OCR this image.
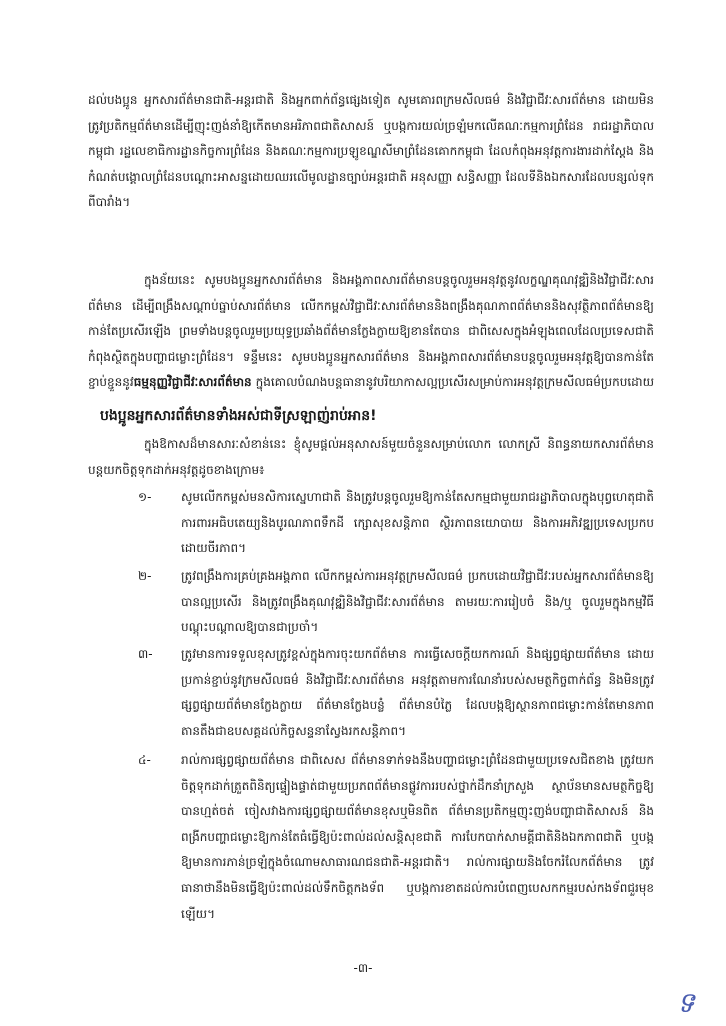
ដល់បងប្អូន អ្នកសារព័ត៌មានជាតិ-អន្តរជាតិ និងអ្នកពាក់ព័ន្ធផ្សេងទៀត សូមគោរពក្រមសីលធម៌ និងវិជ្ជាជីវៈសារព័ត៌មាន ដោយមិនត្រូវប្រតិកម្មព័ត៌មានដើម្បីញុះញង់នាំឱ្យកើតមានអរិភាពជាតិសាសន៍ ឬបង្កការយល់ច្រឡំមកលើគណៈកម្មការព្រំដែន រាជរដ្ឋាភិបាលកម្ពុជា រដ្ឋលេខាធិការដ្ឋានកិច្ចការព្រំដែន និងគណៈកម្មការប្រឡូខណ្ឌសីមាព្រំដែនគោកកម្ពុជា ដែលកំពុងអនុវត្តការងារដាក់ស្តែង និងកំណត់បង្គោលព្រំដែនបណ្តោះអាសន្នដោយឈរលើមូលដ្ឋានច្បាប់អន្តរជាតិ អនុសញ្ញា សន្ធិសញ្ញា ដែលទីនិងឯកសារដែលបន្សល់ទុកពីបារាំង។
ក្នុងន័យនេះ សូមបងប្អូនអ្នកសារព័ត៌មាន និងអង្គភាពសារព័ត៌មានបន្តចូលរួមអនុវត្តនូវលក្ខណ្ឌគុណវុឌ្ឍិនិងវិជ្ជាជីវៈសារព័ត៌មាន ដើម្បីពង្រឹងសណ្តាប់ធ្នាប់សារព័ត៌មាន លើកកម្ពស់វិជ្ជាជីវៈសារព័ត៌មាននិងពង្រឹងគុណភាពព័ត៌មាននិងសុវត្ថិភាពព័ត៌មានឱ្យកាន់តែប្រសើរឡើង ព្រមទាំងបន្តចូលរួមប្រយុទ្ធប្រឆាំងព័ត៌មានក្លែងក្លាយឱ្យខានតែបាន ជាពិសេសក្នុងអំឡុងពេលដែលប្រទេសជាតិកំពុងស្ថិតក្នុងបញ្ហាជម្លោះព្រំដែន។ ទន្ទឹមនេះ សូមបងប្អូនអ្នកសារព័ត៌មាន និងអង្គភាពសារព័ត៌មានបន្តចូលរួមអនុវត្តឱ្យបានកាន់តែខ្ជាប់ខ្ជួននូវធម្មនុញ្ញវិជ្ជាជីវៈសារព័ត៌មាន ក្នុងគោលបំណងបន្តធានានូវបរិយាកាសល្អប្រសើរសម្រាប់ការអនុវត្តក្រមសីលធម៌ប្រកបដោយ
បងប្អូនអ្នកសារព័ត៌មានទាំងអស់ជាទីស្រឡាញ់រាប់អាន!
ក្នុងឱកាសដ៏មានសារៈសំខាន់នេះ ខ្ញុំសូមផ្តល់អនុសាសន៍មួយចំនួនសម្រាប់លោក លោកស្រី និពន្ធនាយកសារព័ត៌មាន បន្តយកចិត្តទុកដាក់អនុវត្តដូចខាងក្រោម៖
១- សូមលើកកម្ពស់មនសិការស្នេហាជាតិ និងត្រូវបន្តចូលរួមឱ្យកាន់តែសកម្មជាមួយរាជរដ្ឋាភិបាលក្នុងបុព្វហេតុជាតិ ការពារអធិបតេយ្យនិងបូរណភាពទឹកដី ក្សោសុខសន្តិភាព ស្ថិរភាពនយោបាយ និងការអភិវឌ្ឍប្រទេសប្រកបដោយចីរភាព។
២- ត្រូវពង្រឹងការគ្រប់គ្រងអង្គភាព លើកកម្ពស់ការអនុវត្តក្រមសីលធម៌ ប្រកបដោយវិជ្ជាជីវៈរបស់អ្នកសារព័ត៌មានឱ្យបានល្អប្រសើរ និងត្រូវពង្រឹងគុណវុឌ្ឍិនិងវិជ្ជាជីវៈសារព័ត៌មាន តាមរយៈការរៀបចំ និង/ឬ ចូលរួមក្នុងកម្មវិធីបណ្តុះបណ្តាលឱ្យបានជាប្រចាំ។
៣- ត្រូវមានការទទួលខុសត្រូវខ្ពស់ក្នុងការចុះយកព័ត៌មាន ការធ្វើសេចក្តីយកការណ៍ និងផ្សព្វផ្សាយព័ត៌មាន ដោយប្រកាន់ខ្ជាប់នូវក្រមសីលធម៌ និងវិជ្ជាជីវៈសារព័ត៌មាន អនុវត្តតាមការណែនាំរបស់សមត្ថកិច្ចពាក់ព័ន្ធ និងមិនត្រូវផ្សព្វផ្សាយព័ត៌មានក្លែងក្លាយ ព័ត៌មានក្លែងបន្លំ ព័ត៌មានបំភ្លៃ ដែលបង្កឱ្យស្ថានភាពជម្លោះកាន់តែមានភាពតានតឹងជាឧបសគ្គដល់កិច្ចសន្ទនាស្វែងរកសន្តិភាព។
៤-	រាល់ការផ្សព្វផ្សាយព័ត៌មាន ជាពិសេស ព័ត៌មានទាក់ទងនឹងបញ្ហាជម្លោះព្រំដែនជាមួយប្រទេសជិតខាង ត្រូវយកចិត្តទុកដាក់ត្រួតពិនិត្យផ្ទៀងផ្ទាត់ជាមួយប្រភពព័ត៌មានផ្លូវការរបស់ថ្នាក់ដឹកនាំក្រសួង ស្ថាប័នមានសមត្ថកិច្ចឱ្យបានហ្មត់ចត់ ចៀសវាងការផ្សព្វផ្សាយព័ត៌មានខុសឬមិនពិត ព័ត៌មានប្រតិកម្មញុះញង់បញ្ហាជាតិសាសន៍ និងពង្រីកបញ្ហាជម្លោះឱ្យកាន់តែធំធ្វើឱ្យប៉ះពាល់ដល់សន្តិសុខជាតិ ការបែកបាក់សាមគ្គីជាតិនិងឯកភាពជាតិ ឬបង្កឱ្យមានការភាន់ច្រឡំក្នុងចំណោមសាធារណជនជាតិ-អន្តរជាតិ។ រាល់ការផ្សាយនិងចែករំលែកព័ត៌មាន ត្រូវធានាថានឹងមិនធ្វើឱ្យប៉ះពាល់ដល់ទឹកចិត្តកងទ័ព ឬបង្កការខាតដល់ការបំពេញបេសកកម្មរបស់កងទ័ពជួរមុខឡើយ។
-៣-
ទ
